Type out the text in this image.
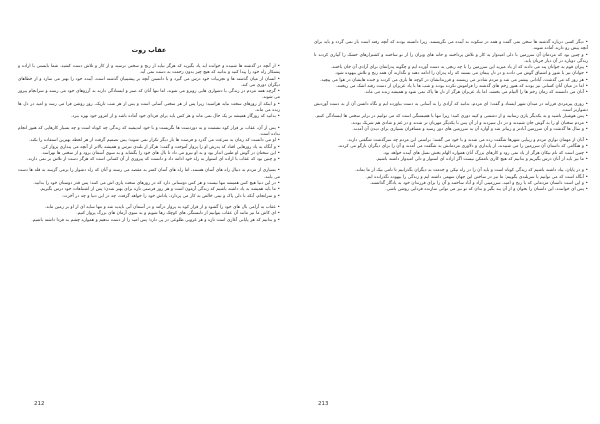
عقاب روت

• از آنچه در گذشته ها شنیده و خوانده اید یاد بگیرید که هرگز نباید از رنج و سختی ترسید و از کار و تلاش دست کشید. شما بایستی با اراده و پشتکار راه خود را پیدا کنید و بدانید که هیچ چیز بدون زحمت به دست نمی آید.

• انسان از میان گذشته ها و تجربیات خود درس می گیرد و با دانستن آنچه بر پیشینیان گذشته است، آینده خود را بهتر می سازد و از خطاهای دیگران دوری می کند.

• گرچه همه مردم در زندگی با دشواری هایی روبرو می شوند، اما تنها آنان که صبر و ایستادگی دارند به آرزوهای خود می رسند و سرانجام پیروز می شوند.

• و اینکه از روزهای سخت نباید هراسید؛ زیرا پس از هر سختی آسانی است و پس از هر شب تاریک، روز روشن فرا می رسد و امید در دل ها زنده می ماند.

• بدانید که روزگار همیشه بر یک حال نمی ماند و هر کس باید برای فردای خود آماده باشد و از امروز خود بهره ببرد.

• پس از آن، عقاب بر فراز کوه نشست و به دوردست ها نگریست و با خود اندیشید که زندگی چه کوتاه است و چه بسیار کارهایی که هنوز انجام نداده است.

• او می دانست که زمان به سرعت می گذرد و فرصت ها بار دیگر تکرار نمی شوند؛ پس تصمیم گرفت از هر لحظه بهترین استفاده را بکند.

• و آنگاه به یاد روزهایی افتاد که پدرش او را پرواز آموخت و گفت: هرگز از بلندی نترس و همیشه بالاتر از آنچه می پنداری پرواز کن.

• این سخنان در گوش او طنین انداز بود و به او نیرو می داد تا بال های خود را بگشاید و به سوی آسمان برود و از سختی ها نهراسد.

• و چنین بود که عقاب با اراده ای استوار به راه خود ادامه داد و دانست که پیروزی از آن کسانی است که هرگز دست از تلاش بر نمی دارند.

• بسیاری از مردم به دنبال راه های آسان هستند، اما راه های آسان کمتر به مقصد می رسند و آنان که راه دشوار را برمی گزینند به قله ها دست می یابند.

• در این دنیا هیچ کس همیشه تنها نیست و هر کس دوستانی دارد که در روزهای سخت یاری اش می کنند؛ پس قدر دوستان خود را بدانید.

• ما باید همیشه به یاد داشته باشیم که زندگی آزمون است و هر روز فرصتی تازه برای بهتر شدن؛ پس از اشتباهات خود درس بگیریم.

• و سرانجام، آنکه با دلی پاک و نیتی خالص به کار می پردازد، پاداش خود را خواهد گرفت، چه در این دنیا و چه در آخرت.

• عقاب به آرامی بال های خود را گشود و از فراز کوه به پرواز درآمد و در آسمان آبی ناپدید شد و تنها سایه ای از او بر زمین ماند.

• ای کاش ما نیز مانند آن عقاب بتوانیم از دلبستگی های کوچک رها شویم و به سوی آرمان های بزرگ پرواز کنیم.

• و بدانیم که هر پایانی آغازی است تازه و هر غروبی طلوعی در پی دارد؛ پس امید را از دست ندهیم و همواره چشم به فردا داشته باشیم.

212

• دیگر کسی درباره گذشته ها سخن نمی گفت و همه در سکوت به آینده می نگریستند. زیرا دانسته بودند که آنچه رفته است باز نمی گردد و باید برای آنچه پیش رو دارند آماده شوند.

• و چنین بود که مردمان آن سرزمین با دلی امیدوار به کار و تلاش پرداختند و خانه های ویران را از نو ساختند و کشتزارهای خشک را آبیاری کردند تا زندگی دوباره در آن دیار جریان یابد.

• پیران قوم به جوانان پند می دادند که از یاد مبرید این سرزمین را با چه رنجی به دست آورده ایم و چگونه پدرانمان برای آزادی آن جان باختند.

• جوانان نیز با شور و اشتیاق گوش می دادند و در دل پیمان می بستند که راه پدران را ادامه دهند و نگذارند آن همه رنج و تلاش بیهوده شود.

• هر روز که می گذشت، آبادانی بیشتر می شد و مردم شادتر می زیستند و فرزندانشان در کوچه ها بازی می کردند و خنده هایشان در هوا می پیچید.

• اما در میان آنان کسانی نیز بودند که هنوز زخم های گذشته را فراموش نکرده بودند و شب ها با یاد عزیزان از دست رفته اشک می ریختند.

• آنان می دانستند که زمان زخم ها را التیام می بخشد، اما یاد عزیزان هرگز از دل ها پاک نمی شود و همیشه زنده می ماند.

• روزی پیرمردی فرزانه در میدان شهر ایستاد و گفت: ای مردم، بدانید که آزادی را به آسانی به دست نیاورده ایم و نگاه داشتن آن از به دست آوردنش دشوارتر است.

• پس هوشیار باشید و به یکدیگر یاری رسانید و از دشمنی و کینه دوری کنید؛ زیرا تنها با همبستگی است که می توانیم در برابر سختی ها ایستادگی کنیم.

• مردم سخنان او را به گوش جان شنیدند و در دل سپردند و از آن پس با یکدیگر مهربان تر شدند و در غم و شادی هم شریک بودند.

• و سال ها گذشت و آن سرزمین آبادتر و زیباتر شد و آوازه آن به سرزمین های دور رسید و مسافران بسیاری برای دیدن آن آمدند.

• آنان از مهمان نوازی مردم و زیبایی شهرها شگفت زده می شدند و با خود می گفتند: براستی این مردم چه سرگذشت شگفتی دارند.

• و هنگامی که داستان آن سرزمین را می شنیدند، از پایداری و دلاوری مردمانش به شگفت می آمدند و آن را برای دیگران بازگو می کردند.

• چنین است که نام نیکان هرگز از یاد نمی رود و کارهای بزرگ آنان همواره الهام بخش نسل های آینده خواهد بود.

• ما نیز باید از آنان درس بگیریم و بدانیم که هیچ کاری ناممکن نیست اگر اراده ای استوار و دلی امیدوار داشته باشیم.

• و در پایان، بیاد داشته باشیم که زندگی کوتاه است و باید آن را در راه نیکی و خدمت به دیگران بگذرانیم تا نامی نیک از ما بماند.

• آنگاه است که می توانیم با سربلندی بگوییم: ما نیز در ساختن این جهان سهمی داشته ایم و زندگی را بیهوده نگذرانده ایم.

• و این است داستان مردمانی که با رنج و امید، سرزمینی آزاد و آباد ساختند و آن را برای فرزندان خود به یادگار گذاشتند.

• پس ای خواننده، این داستان را بخوان و از آن پند بگیر و بدان که تو نیز می توانی سازنده فردایی روشن باشی.

213
